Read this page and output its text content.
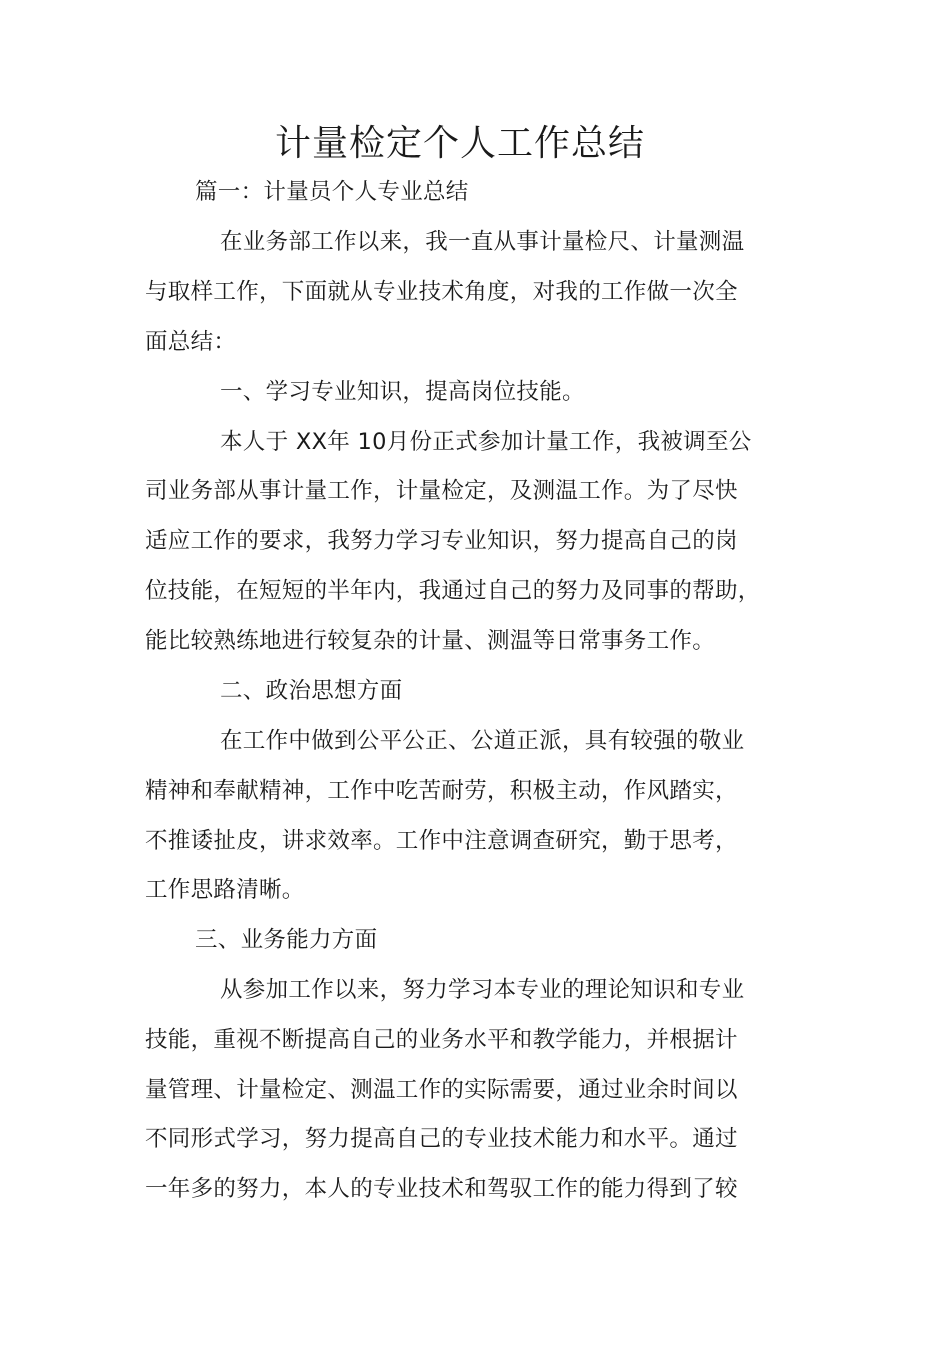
计量检定个人工作总结
篇一：计量员个人专业总结
在业务部工作以来，我一直从事计量检尺、计量测温
与取样工作，下面就从专业技术角度，对我的工作做一次全
面总结：
一、学习专业知识，提高岗位技能。
本人于 XX年 10月份正式参加计量工作，我被调至公
司业务部从事计量工作，计量检定，及测温工作。为了尽快
适应工作的要求，我努力学习专业知识，努力提高自己的岗
位技能，在短短的半年内，我通过自己的努力及同事的帮助，
能比较熟练地进行较复杂的计量、测温等日常事务工作。
二、政治思想方面
在工作中做到公平公正、公道正派，具有较强的敬业
精神和奉献精神，工作中吃苦耐劳，积极主动，作风踏实，
不推诿扯皮，讲求效率。工作中注意调查研究，勤于思考，
工作思路清晰。
三、业务能力方面
从参加工作以来，努力学习本专业的理论知识和专业
技能，重视不断提高自己的业务水平和教学能力，并根据计
量管理、计量检定、测温工作的实际需要，通过业余时间以
不同形式学习，努力提高自己的专业技术能力和水平。通过
一年多的努力，本人的专业技术和驾驭工作的能力得到了较
